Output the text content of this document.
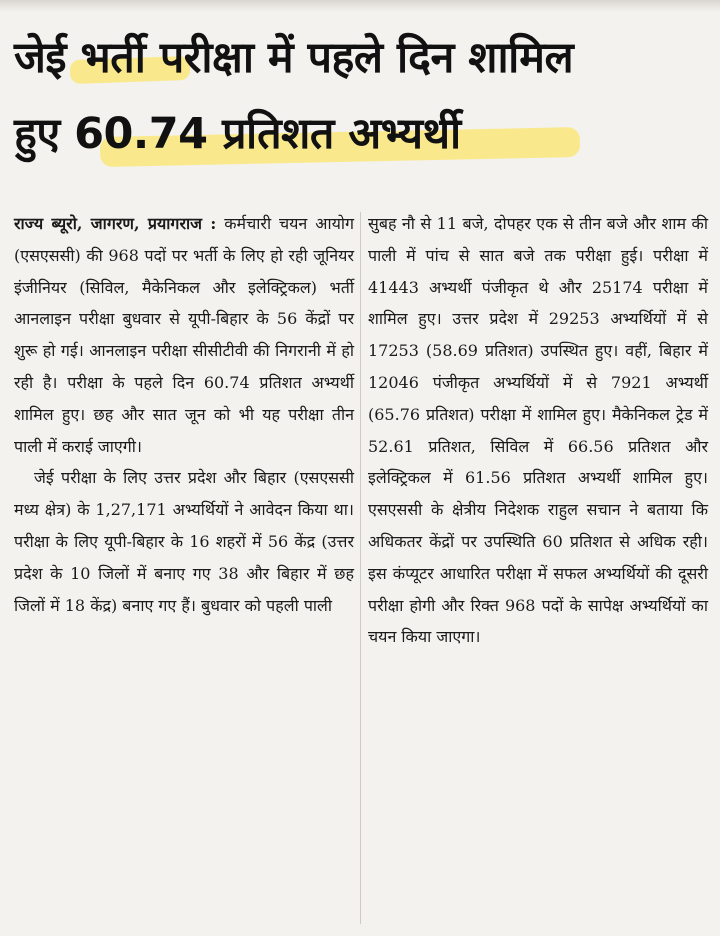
जेई भर्ती परीक्षा में पहले दिन शामिल
हुए 60.74 प्रतिशत अभ्यर्थी

राज्य ब्यूरो, जागरण, प्रयागराज : कर्मचारी चयन आयोग (एसएससी) की 968 पदों पर भर्ती के लिए हो रही जूनियर इंजीनियर (सिविल, मैकेनिकल और इलेक्ट्रिकल) भर्ती आनलाइन परीक्षा बुधवार से यूपी-बिहार के 56 केंद्रों पर शुरू हो गई। आनलाइन परीक्षा सीसीटीवी की निगरानी में हो रही है। परीक्षा के पहले दिन 60.74 प्रतिशत अभ्यर्थी शामिल हुए। छह और सात जून को भी यह परीक्षा तीन पाली में कराई जाएगी।

जेई परीक्षा के लिए उत्तर प्रदेश और बिहार (एसएससी मध्य क्षेत्र) के 1,27,171 अभ्यर्थियों ने आवेदन किया था। परीक्षा के लिए यूपी-बिहार के 16 शहरों में 56 केंद्र (उत्तर प्रदेश के 10 जिलों में बनाए गए 38 और बिहार में छह जिलों में 18 केंद्र) बनाए गए हैं। बुधवार को पहली पाली

सुबह नौ से 11 बजे, दोपहर एक से तीन बजे और शाम की पाली में पांच से सात बजे तक परीक्षा हुई। परीक्षा में 41443 अभ्यर्थी पंजीकृत थे और 25174 परीक्षा में शामिल हुए। उत्तर प्रदेश में 29253 अभ्यर्थियों में से 17253 (58.69 प्रतिशत) उपस्थित हुए। वहीं, बिहार में 12046 पंजीकृत अभ्यर्थियों में से 7921 अभ्यर्थी (65.76 प्रतिशत) परीक्षा में शामिल हुए। मैकेनिकल ट्रेड में 52.61 प्रतिशत, सिविल में 66.56 प्रतिशत और इलेक्ट्रिकल में 61.56 प्रतिशत अभ्यर्थी शामिल हुए। एसएससी के क्षेत्रीय निदेशक राहुल सचान ने बताया कि अधिकतर केंद्रों पर उपस्थिति 60 प्रतिशत से अधिक रही। इस कंप्यूटर आधारित परीक्षा में सफल अभ्यर्थियों की दूसरी परीक्षा होगी और रिक्त 968 पदों के सापेक्ष अभ्यर्थियों का चयन किया जाएगा।
